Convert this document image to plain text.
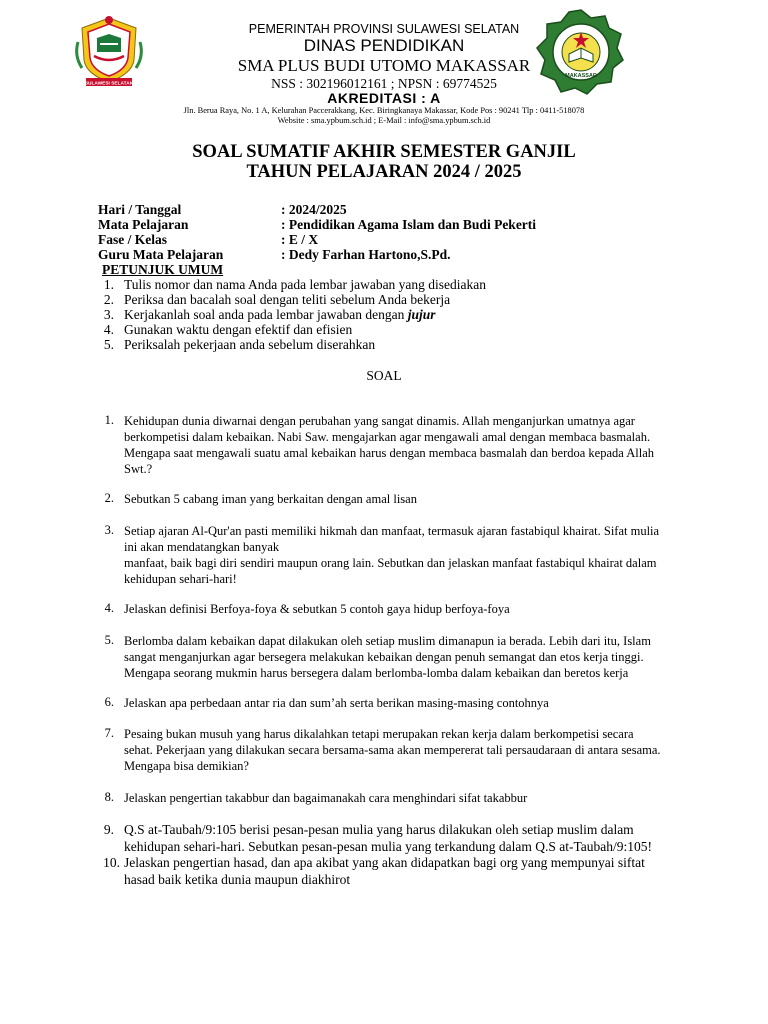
SULAWESI SELATAN
MAKASSAR
PEMERINTAH PROVINSI SULAWESI SELATAN
DINAS PENDIDIKAN
SMA PLUS BUDI UTOMO MAKASSAR
NSS : 302196012161 ; NPSN : 69774525
AKREDITASI : A
Jln. Berua Raya, No. 1 A, Kelurahan Paccerakkang, Kec. Biringkanaya Makassar, Kode Pos : 90241 Tlp : 0411-518078
Website : sma.ypbum.sch.id ; E-Mail : info@sma.ypbum.sch.id
SOAL SUMATIF AKHIR SEMESTER GANJIL
TAHUN PELAJARAN 2024 / 2025
Hari / Tanggal	: 2024/2025
Mata Pelajaran	: Pendidikan Agama Islam dan Budi Pekerti
Fase / Kelas	: E / X
Guru Mata Pelajaran	: Dedy Farhan Hartono,S.Pd.
PETUNJUK UMUM
1. Tulis nomor dan nama Anda pada lembar jawaban yang disediakan
2. Periksa dan bacalah soal dengan teliti sebelum Anda bekerja
3. Kerjakanlah soal anda pada lembar jawaban dengan jujur
4. Gunakan waktu dengan efektif dan efisien
5. Periksalah pekerjaan anda sebelum diserahkan
SOAL
1. Kehidupan dunia diwarnai dengan perubahan yang sangat dinamis. Allah menganjurkan umatnya agar
berkompetisi dalam kebaikan. Nabi Saw. mengajarkan agar mengawali amal dengan membaca basmalah.
Mengapa saat mengawali suatu amal kebaikan harus dengan membaca basmalah dan berdoa kepada Allah
Swt.?
2. Sebutkan 5 cabang iman yang berkaitan dengan amal lisan
3. Setiap ajaran Al-Qur'an pasti memiliki hikmah dan manfaat, termasuk ajaran fastabiqul khairat. Sifat mulia
ini akan mendatangkan banyak
manfaat, baik bagi diri sendiri maupun orang lain. Sebutkan dan jelaskan manfaat fastabiqul khairat dalam
kehidupan sehari-hari!
4. Jelaskan definisi Berfoya-foya & sebutkan 5 contoh gaya hidup berfoya-foya
5. Berlomba dalam kebaikan dapat dilakukan oleh setiap muslim dimanapun ia berada. Lebih dari itu, Islam
sangat menganjurkan agar bersegera melakukan kebaikan dengan penuh semangat dan etos kerja tinggi.
Mengapa seorang mukmin harus bersegera dalam berlomba-lomba dalam kebaikan dan beretos kerja
6. Jelaskan apa perbedaan antar ria dan sum’ah serta berikan masing-masing contohnya
7. Pesaing bukan musuh yang harus dikalahkan tetapi merupakan rekan kerja dalam berkompetisi secara
sehat. Pekerjaan yang dilakukan secara bersama-sama akan mempererat tali persaudaraan di antara sesama.
Mengapa bisa demikian?
8. Jelaskan pengertian takabbur dan bagaimanakah cara menghindari sifat takabbur
9. Q.S at-Taubah/9:105 berisi pesan-pesan mulia yang harus dilakukan oleh setiap muslim dalam
kehidupan sehari-hari. Sebutkan pesan-pesan mulia yang terkandung dalam Q.S at-Taubah/9:105!
10. Jelaskan pengertian hasad, dan apa akibat yang akan didapatkan bagi org yang mempunyai siftat
hasad baik ketika dunia maupun diakhirot
